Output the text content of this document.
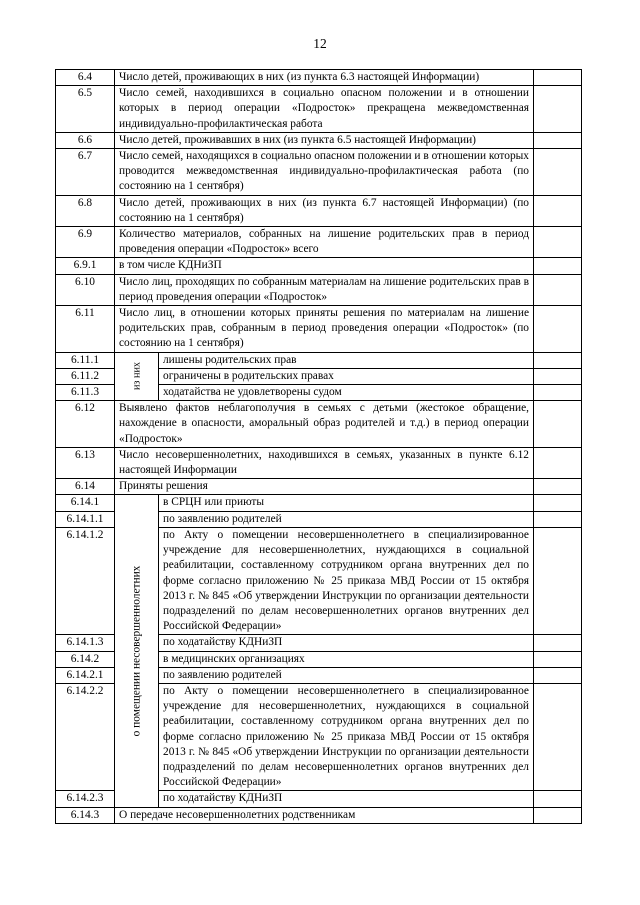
12
6.4	Число детей, проживающих в них (из пункта 6.3 настоящей Информации)		
6.5	Число семей, находившихся в социально опасном положении и в отношении которых в период операции «Подросток» прекращена межведомственная индивидуально-профилактическая работа		
6.6	Число детей, проживавших в них (из пункта 6.5 настоящей Информации)		
6.7	Число семей, находящихся в социально опасном положении и в отношении которых проводится межведомственная индивидуально-профилактическая работа (по состоянию на 1 сентября)		
6.8	Число детей, проживающих в них (из пункта 6.7 настоящей Информации) (по состоянию на 1 сентября)		
6.9	Количество материалов, собранных на лишение родительских прав в период проведения операции «Подросток» всего		
6.9.1	в том числе КДНиЗП		
6.10	Число лиц, проходящих по собранным материалам на лишение родительских прав в период проведения операции «Подросток»		
6.11	Число лиц, в отношении которых приняты решения по материалам на лишение родительских прав, собранным в период проведения операции «Подросток» (по состоянию на 1 сентября)		
6.11.1	из них	лишены родительских прав	
6.11.2		ограничены в родительских правах	
6.11.3		ходатайства не удовлетворены судом	
6.12	Выявлено фактов неблагополучия в семьях с детьми (жестокое обращение, нахождение в опасности, аморальный образ родителей и т.д.) в период операции «Подросток»		
6.13	Число несовершеннолетних, находившихся в семьях, указанных в пункте 6.12 настоящей Информации		
6.14	Приняты решения		
6.14.1	о помещении несовершеннолетних	в СРЦН или приюты	
6.14.1.1		по заявлению родителей	
6.14.1.2		по Акту о помещении несовершеннолетнего в специализированное учреждение для несовершеннолетних, нуждающихся в социальной реабилитации, составленному сотрудником органа внутренних дел по форме согласно приложению № 25 приказа МВД России от 15 октября 2013 г. № 845 «Об утверждении Инструкции по организации деятельности подразделений по делам несовершеннолетних органов внутренних дел Российской Федерации»	
6.14.1.3		по ходатайству КДНиЗП	
6.14.2		в медицинских организациях	
6.14.2.1		по заявлению родителей	
6.14.2.2		по Акту о помещении несовершеннолетнего в специализированное учреждение для несовершеннолетних, нуждающихся в социальной реабилитации, составленному сотрудником органа внутренних дел по форме согласно приложению № 25 приказа МВД России от 15 октября 2013 г. № 845 «Об утверждении Инструкции по организации деятельности подразделений по делам несовершеннолетних органов внутренних дел Российской Федерации»	
6.14.2.3		по ходатайству КДНиЗП	
6.14.3	О передаче несовершеннолетних родственникам		
